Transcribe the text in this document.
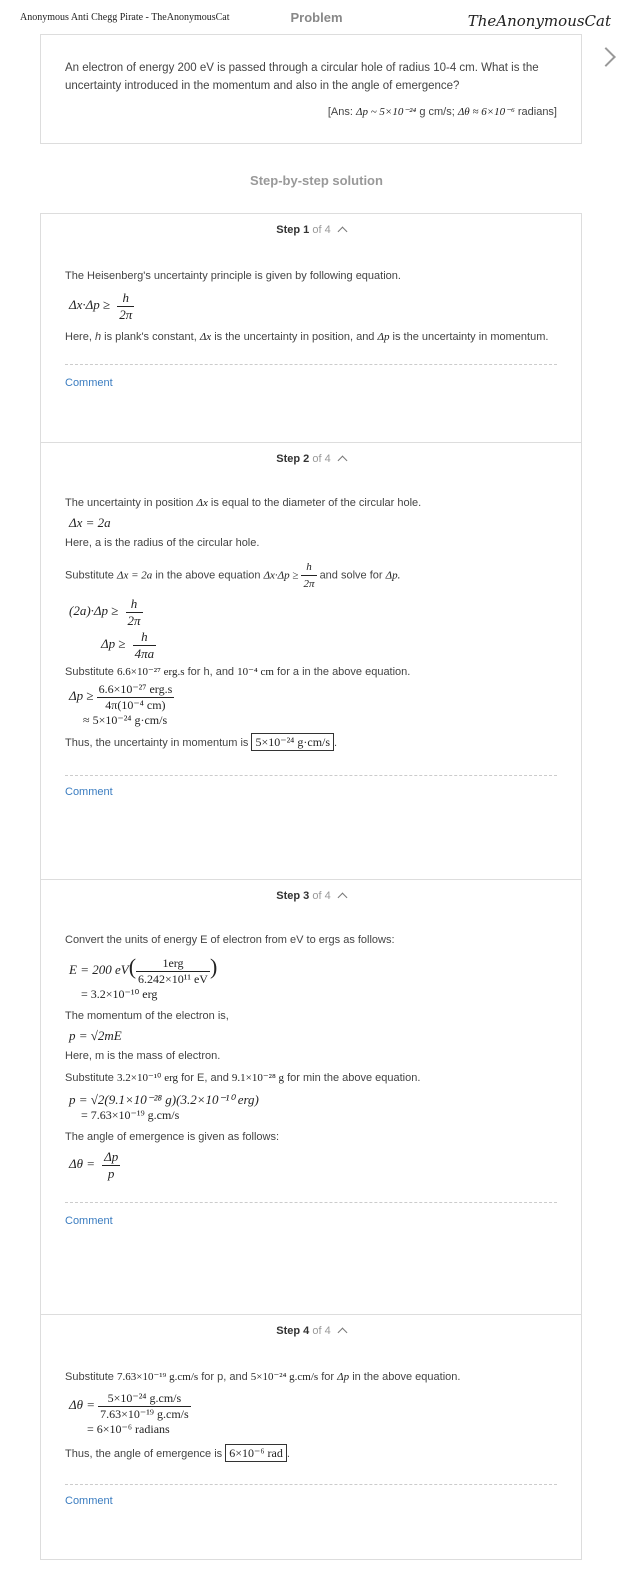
Anonymous Anti Chegg Pirate - TheAnonymousCat	Problem	TheAnonymousCat
An electron of energy 200 eV is passed through a circular hole of radius 10-4 cm. What is the uncertainty introduced in the momentum and also in the angle of emergence?
[Ans: Δp ~ 5×10⁻²⁴ g cm/s; Δθ ≈ 6×10⁻⁶ radians]
Step-by-step solution
Step 1 of 4

The Heisenberg's uncertainty principle is given by following equation.

$\Delta x\cdot\Delta p \ge \frac{h}{2\pi}$

Here, h is plank's constant, Δx is the uncertainty in position, and Δp is the uncertainty in momentum.

Comment
Step 2 of 4

The uncertainty in position Δx is equal to the diameter of the circular hole.

Δx = 2a

Here, a is the radius of the circular hole.

Substitute Δx = 2a in the above equation $\Delta x\cdot\Delta p \ge \frac{h}{2\pi}$ and solve for Δp.

$(2a)\cdot\Delta p \ge \frac{h}{2\pi}$
$\Delta p \ge \frac{h}{4\pi a}$

Substitute 6.6×10⁻²⁷ erg.s for h, and 10⁻⁴ cm for a in the above equation.

$\Delta p \ge \frac{\text{6.6×10⁻²⁷ erg.s}}{\text{4π(10⁻⁴ cm)}}$
≈ 5×10⁻²⁴ g·cm/s

Thus, the uncertainty in momentum is 5×10⁻²⁴ g·cm/s .

Comment
Step 3 of 4

Convert the units of energy E of electron from eV to ergs as follows:

E = 200 $eV( \frac{\text{1erg}}{\text{6.242×10¹¹ eV}}$ )
= 3.2×10⁻¹⁰ erg

The momentum of the electron is,

p = √2mE

Here, m is the mass of electron.

Substitute 3.2×10⁻¹⁰ erg for E, and 9.1×10⁻²⁸ g for min the above equation.

p = √2(9.1×10⁻²⁸ g)(3.2×10⁻¹⁰ erg)
= 7.63×10⁻¹⁹ g.cm/s

The angle of emergence is given as follows:

$\Delta\theta = \frac{\Delta p}{p}$
Comment
Step 4 of 4

Substitute 7.63×10⁻¹⁹ g.cm/s for p, and 5×10⁻²⁴ g.cm/s for Δp in the above equation.

$\Delta\theta = \frac{\text{5×10⁻²⁴ g.cm/s}}{\text{7.63×10⁻¹⁹ g.cm/s}}$
= 6×10⁻⁶ radians

Thus, the angle of emergence is 6×10⁻⁶ rad .

Comment
